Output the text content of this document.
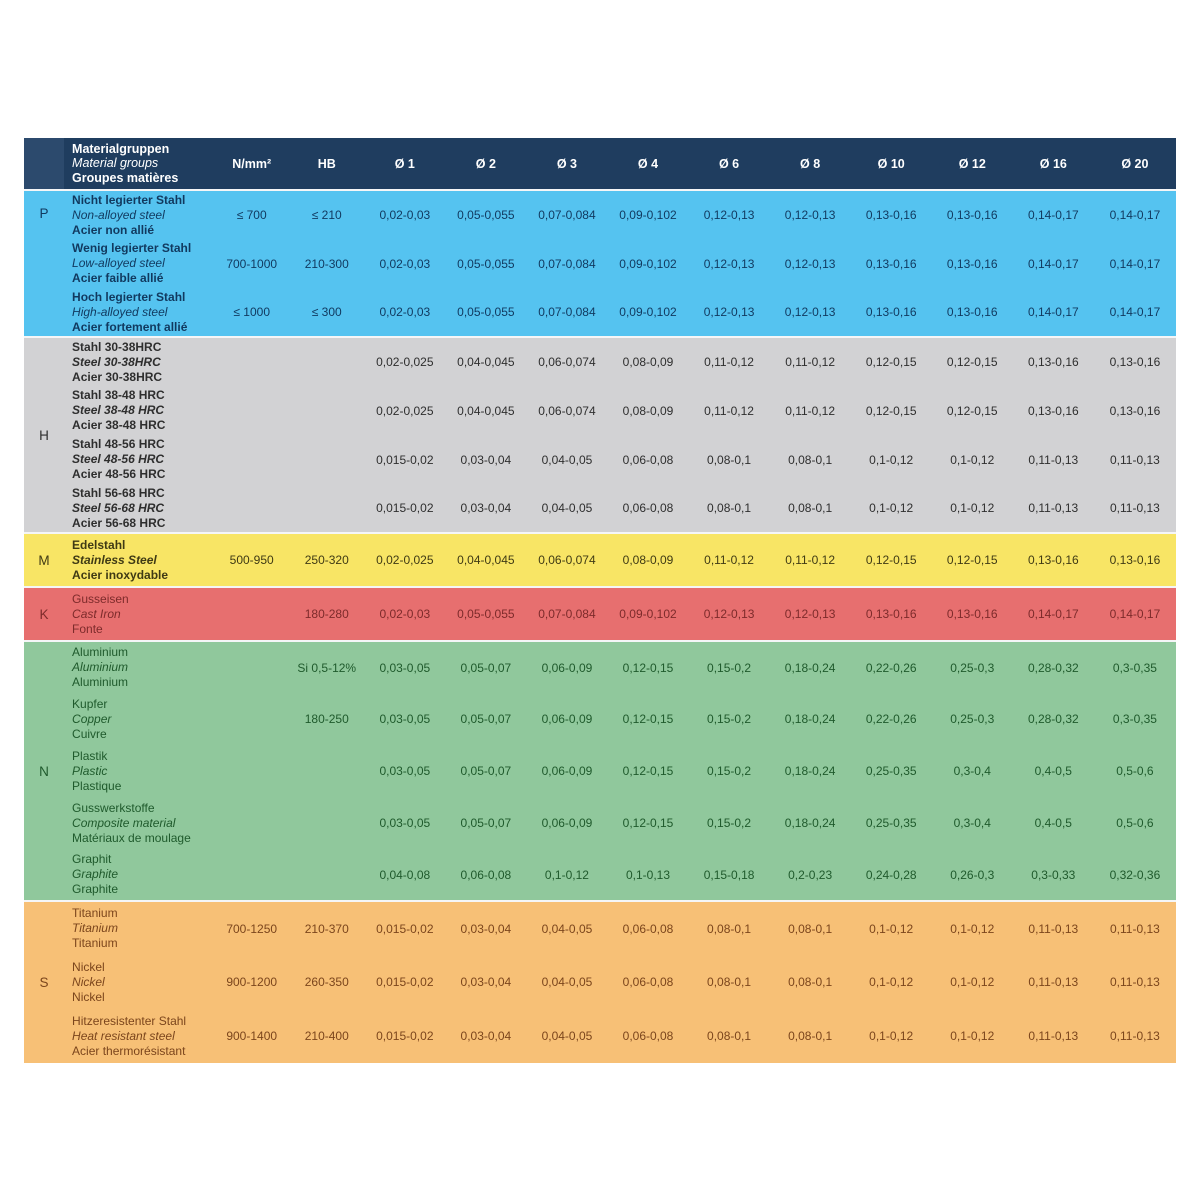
	Materialgruppen
Material groups
Groupes matières	N/mm²	HB	Ø 1	Ø 2	Ø 3	Ø 4	Ø 6	Ø 8	Ø 10	Ø 12	Ø 16	Ø 20
P	Nicht legierter Stahl
Non-alloyed steel
Acier non allié	≤ 700	≤ 210	0,02-0,03	0,05-0,055	0,07-0,084	0,09-0,102	0,12-0,13	0,12-0,13	0,13-0,16	0,13-0,16	0,14-0,17	0,14-0,17

	Wenig legierter Stahl
Low-alloyed steel
Acier faible allié	700-1000	210-300	0,02-0,03	0,05-0,055	0,07-0,084	0,09-0,102	0,12-0,13	0,12-0,13	0,13-0,16	0,13-0,16	0,14-0,17	0,14-0,17

	Hoch legierter Stahl
High-alloyed steel
Acier fortement allié	≤ 1000	≤ 300	0,02-0,03	0,05-0,055	0,07-0,084	0,09-0,102	0,12-0,13	0,12-0,13	0,13-0,16	0,13-0,16	0,14-0,17	0,14-0,17
H	Stahl 30-38HRC
Steel 30-38HRC
Acier 30-38HRC			0,02-0,025	0,04-0,045	0,06-0,074	0,08-0,09	0,11-0,12	0,11-0,12	0,12-0,15	0,12-0,15	0,13-0,16	0,13-0,16

	Stahl 38-48 HRC
Steel 38-48 HRC
Acier 38-48 HRC			0,02-0,025	0,04-0,045	0,06-0,074	0,08-0,09	0,11-0,12	0,11-0,12	0,12-0,15	0,12-0,15	0,13-0,16	0,13-0,16

	Stahl 48-56 HRC
Steel 48-56 HRC
Acier 48-56 HRC			0,015-0,02	0,03-0,04	0,04-0,05	0,06-0,08	0,08-0,1	0,08-0,1	0,1-0,12	0,1-0,12	0,11-0,13	0,11-0,13

	Stahl 56-68 HRC
Steel 56-68 HRC
Acier 56-68 HRC			0,015-0,02	0,03-0,04	0,04-0,05	0,06-0,08	0,08-0,1	0,08-0,1	0,1-0,12	0,1-0,12	0,11-0,13	0,11-0,13
M	Edelstahl
Stainless Steel
Acier inoxydable	500-950	250-320	0,02-0,025	0,04-0,045	0,06-0,074	0,08-0,09	0,11-0,12	0,11-0,12	0,12-0,15	0,12-0,15	0,13-0,16	0,13-0,16
K	Gusseisen
Cast Iron
Fonte		180-280	0,02-0,03	0,05-0,055	0,07-0,084	0,09-0,102	0,12-0,13	0,12-0,13	0,13-0,16	0,13-0,16	0,14-0,17	0,14-0,17
N	Aluminium
Aluminium
Aluminium		Si 0,5-12%	0,03-0,05	0,05-0,07	0,06-0,09	0,12-0,15	0,15-0,2	0,18-0,24	0,22-0,26	0,25-0,3	0,28-0,32	0,3-0,35

	Kupfer
Copper
Cuivre		180-250	0,03-0,05	0,05-0,07	0,06-0,09	0,12-0,15	0,15-0,2	0,18-0,24	0,22-0,26	0,25-0,3	0,28-0,32	0,3-0,35

	Plastik
Plastic
Plastique			0,03-0,05	0,05-0,07	0,06-0,09	0,12-0,15	0,15-0,2	0,18-0,24	0,25-0,35	0,3-0,4	0,4-0,5	0,5-0,6

	Gusswerkstoffe
Composite material
Matériaux de moulage			0,03-0,05	0,05-0,07	0,06-0,09	0,12-0,15	0,15-0,2	0,18-0,24	0,25-0,35	0,3-0,4	0,4-0,5	0,5-0,6

	Graphit
Graphite
Graphite			0,04-0,08	0,06-0,08	0,1-0,12	0,1-0,13	0,15-0,18	0,2-0,23	0,24-0,28	0,26-0,3	0,3-0,33	0,32-0,36
S	Titanium
Titanium
Titanium	700-1250	210-370	0,015-0,02	0,03-0,04	0,04-0,05	0,06-0,08	0,08-0,1	0,08-0,1	0,1-0,12	0,1-0,12	0,11-0,13	0,11-0,13

	Nickel
Nickel
Nickel	900-1200	260-350	0,015-0,02	0,03-0,04	0,04-0,05	0,06-0,08	0,08-0,1	0,08-0,1	0,1-0,12	0,1-0,12	0,11-0,13	0,11-0,13

	Hitzeresistenter Stahl
Heat resistant steel
Acier thermorésistant	900-1400	210-400	0,015-0,02	0,03-0,04	0,04-0,05	0,06-0,08	0,08-0,1	0,08-0,1	0,1-0,12	0,1-0,12	0,11-0,13	0,11-0,13
